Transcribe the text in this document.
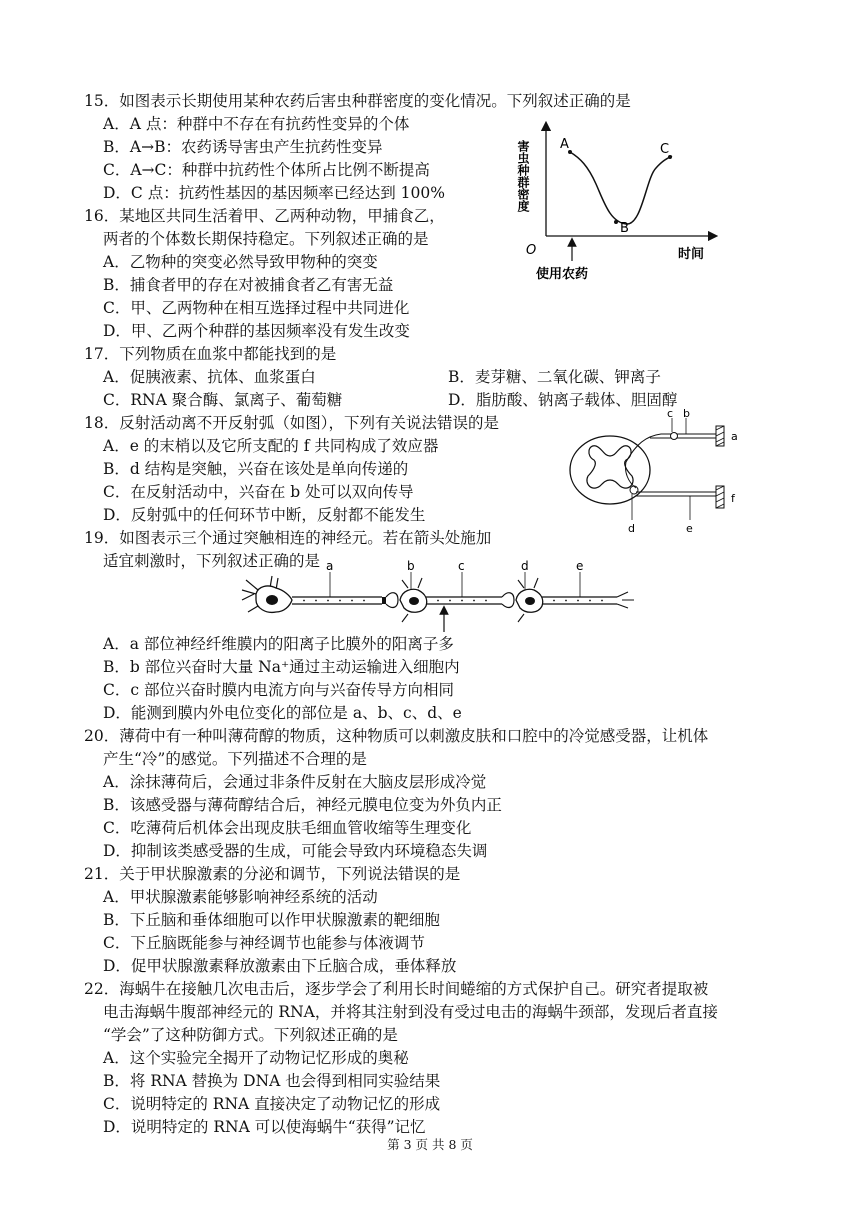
15．如图表示长期使用某种农药后害虫种群密度的变化情况。下列叙述正确的是
A．A 点：种群中不存在有抗药性变异的个体
B．A→B：农药诱导害虫产生抗药性变异
C．A→C：种群中抗药性个体所占比例不断提高
D．C 点：抗药性基因的基因频率已经达到 100%
A
B
C
害虫种群密度
O	时间
使用农药
16．某地区共同生活着甲、乙两种动物，甲捕食乙，
两者的个体数长期保持稳定。下列叙述正确的是
A．乙物种的突变必然导致甲物种的突变
B．捕食者甲的存在对被捕食者乙有害无益
C．甲、乙两物种在相互选择过程中共同进化
D．甲、乙两个种群的基因频率没有发生改变
17．下列物质在血浆中都能找到的是
A．促胰液素、抗体、血浆蛋白	B．麦芽糖、二氧化碳、钾离子
C．RNA 聚合酶、氯离子、葡萄糖	D．脂肪酸、钠离子载体、胆固醇
18．反射活动离不开反射弧（如图），下列有关说法错误的是
A．e 的末梢以及它所支配的 f 共同构成了效应器
B．d 结构是突触，兴奋在该处是单向传递的
C．在反射活动中，兴奋在 b 处可以双向传导
D．反射弧中的任何环节中断，反射都不能发生
c b
a
d	e
f
19．如图表示三个通过突触相连的神经元。若在箭头处施加
适宜刺激时，下列叙述正确的是 a	b	c	d	e
A．a 部位神经纤维膜内的阳离子比膜外的阳离子多
B．b 部位兴奋时大量 Na⁺通过主动运输进入细胞内
C．c 部位兴奋时膜内电流方向与兴奋传导方向相同
D．能测到膜内外电位变化的部位是 a、b、c、d、e
20．薄荷中有一种叫薄荷醇的物质，这种物质可以刺激皮肤和口腔中的冷觉感受器，让机体
产生“冷”的感觉。下列描述不合理的是
A．涂抹薄荷后，会通过非条件反射在大脑皮层形成冷觉
B．该感受器与薄荷醇结合后，神经元膜电位变为外负内正
C．吃薄荷后机体会出现皮肤毛细血管收缩等生理变化
D．抑制该类感受器的生成，可能会导致内环境稳态失调
21．关于甲状腺激素的分泌和调节，下列说法错误的是
A．甲状腺激素能够影响神经系统的活动
B．下丘脑和垂体细胞可以作甲状腺激素的靶细胞
C．下丘脑既能参与神经调节也能参与体液调节
D．促甲状腺激素释放激素由下丘脑合成，垂体释放
22．海蜗牛在接触几次电击后，逐步学会了利用长时间蜷缩的方式保护自己。研究者提取被
电击海蜗牛腹部神经元的 RNA，并将其注射到没有受过电击的海蜗牛颈部，发现后者直接
“学会”了这种防御方式。下列叙述正确的是
A．这个实验完全揭开了动物记忆形成的奥秘
B．将 RNA 替换为 DNA 也会得到相同实验结果
C．说明特定的 RNA 直接决定了动物记忆的形成
D．说明特定的 RNA 可以使海蜗牛“获得”记忆
第 3 页 共 8 页
